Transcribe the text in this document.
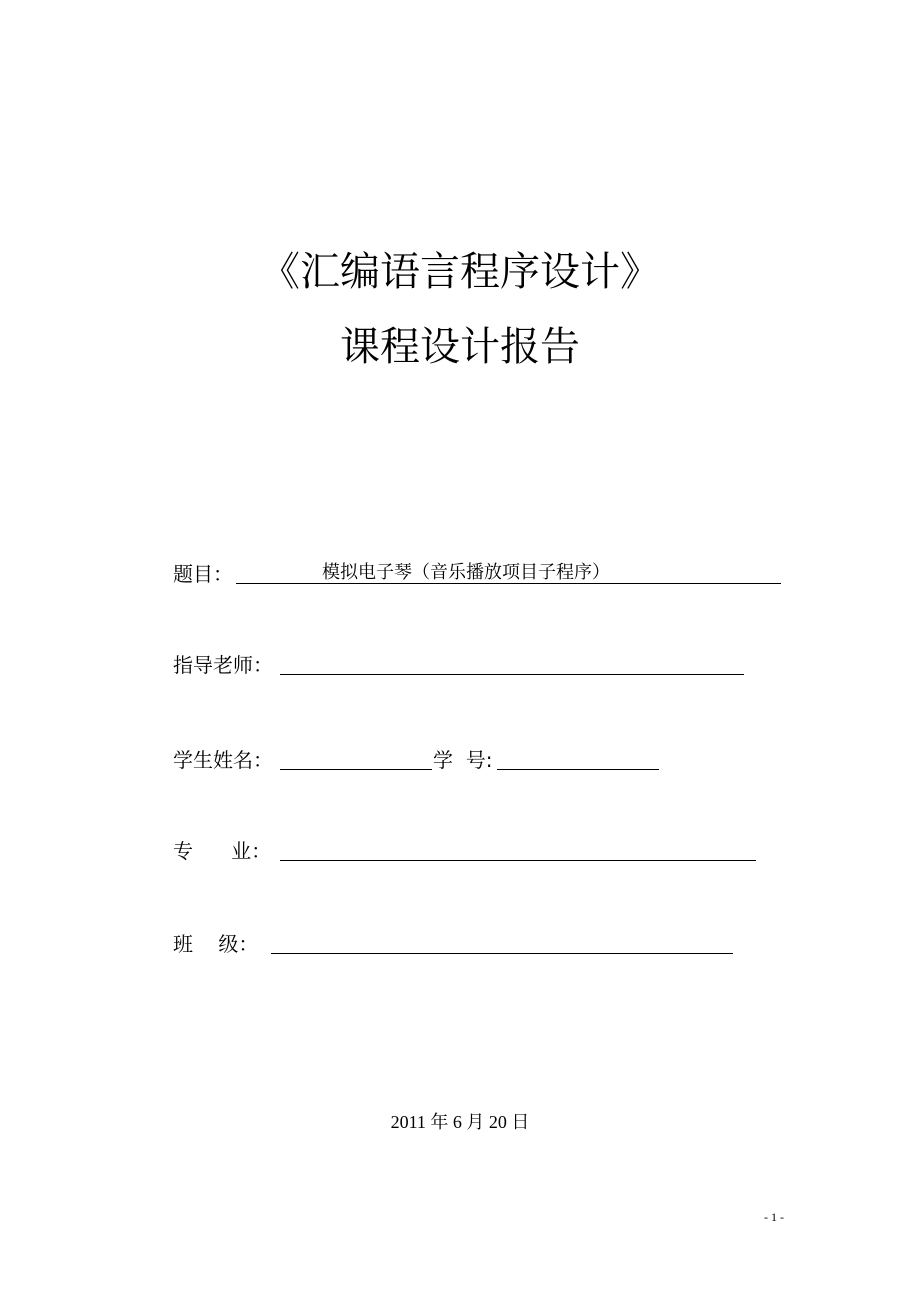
《汇编语言程序设计》
课程设计报告
题目：	模拟电子琴（音乐播放项目子程序）
指导老师：
学生姓名：	学  号:
专      业：
班    级：
2011 年 6 月 20 日
- 1 -
